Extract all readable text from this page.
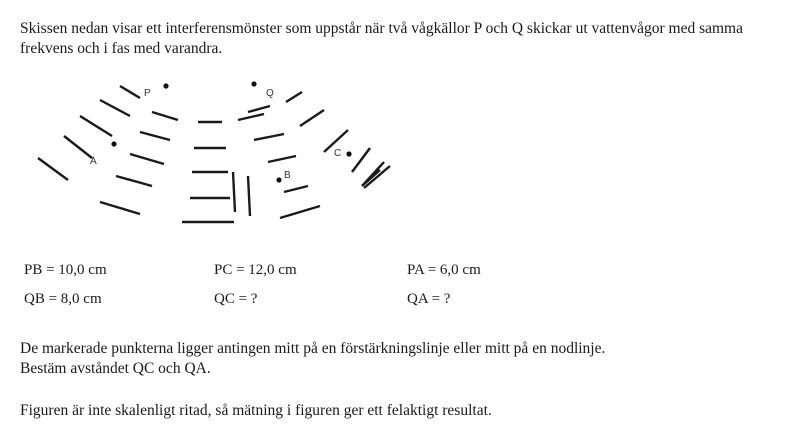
Skissen nedan visar ett interferensmönster som uppstår när två vågkällor P och Q skickar ut vattenvågor med samma frekvens och i fas med varandra.

P	Q
A
B
C
PB = 10,0 cm	PC = 12,0 cm	PA = 6,0 cm
QB = 8,0 cm	QC = ?	QA = ?

De markerade punkterna ligger antingen mitt på en förstärkningslinje eller mitt på en nodlinje.

Bestäm avståndet QC och QA.

Figuren är inte skalenligt ritad, så mätning i figuren ger ett felaktigt resultat.
